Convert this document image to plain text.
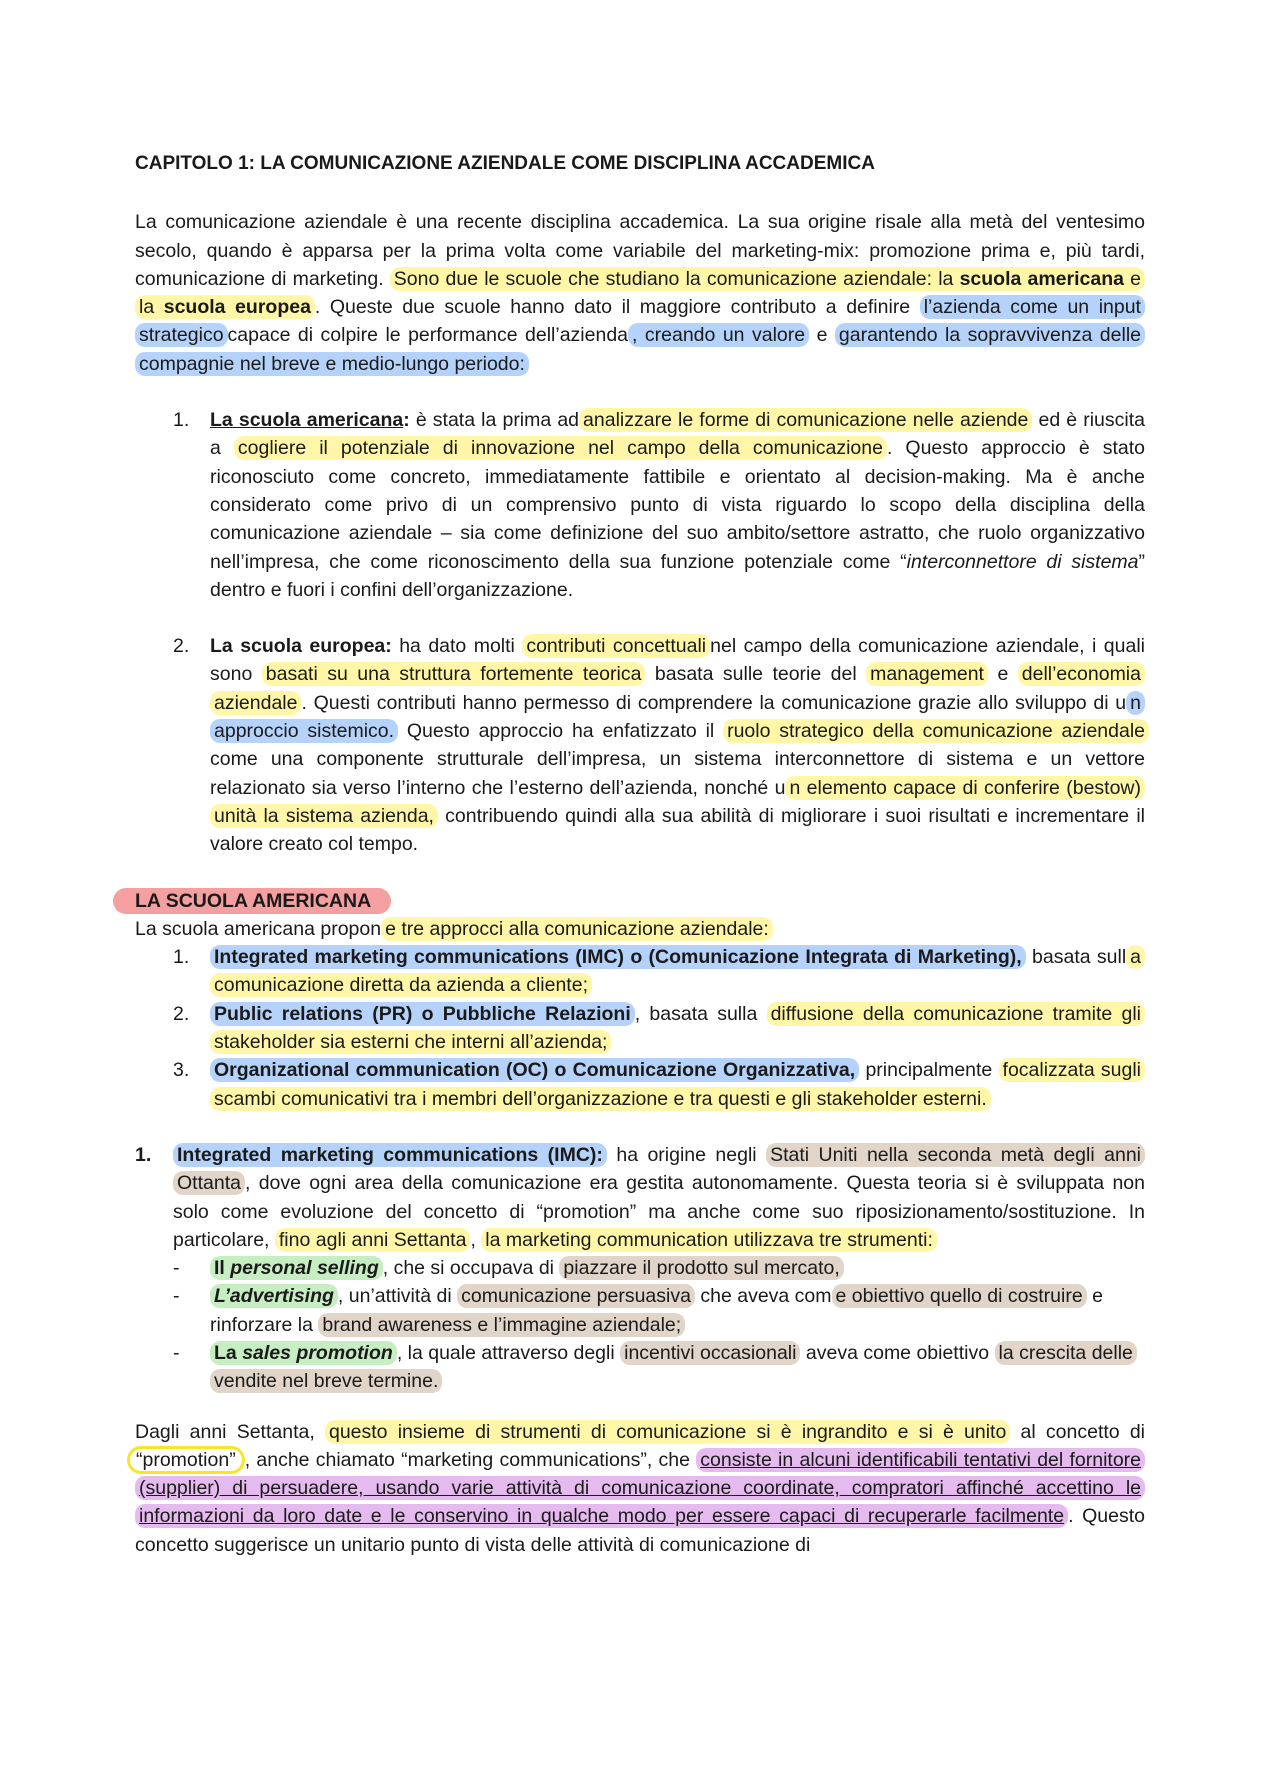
CAPITOLO 1: LA COMUNICAZIONE AZIENDALE COME DISCIPLINA ACCADEMICA

La comunicazione aziendale è una recente disciplina accademica. La sua origine risale alla metà del ventesimo secolo, quando è apparsa per la prima volta come variabile del marketing-mix: promozione prima e, più tardi, comunicazione di marketing. Sono due le scuole che studiano la comunicazione aziendale: la scuola americana e la scuola europea . Queste due scuole hanno dato il maggiore contributo a definire l’azienda come un input strategico capace di colpire le performance dell’azienda , creando un valore e garantendo la sopravvivenza delle compagnie nel breve e medio-lungo periodo:

1. La scuola americana: è stata la prima ad analizzare le forme di comunicazione nelle aziende ed è riuscita a cogliere il potenziale di innovazione nel campo della comunicazione . Questo approccio è stato riconosciuto come concreto, immediatamente fattibile e orientato al decision-making. Ma è anche considerato come privo di un comprensivo punto di vista riguardo lo scopo della disciplina della comunicazione aziendale – sia come definizione del suo ambito/settore astratto, che ruolo organizzativo nell’impresa, che come riconoscimento della sua funzione potenziale come “interconnettore di sistema” dentro e fuori i confini dell’organizzazione.
2. La scuola europea: ha dato molti contributi concettuali nel campo della comunicazione aziendale, i quali sono basati su una struttura fortemente teorica basata sulle teorie del management e dell’economia aziendale . Questi contributi hanno permesso di comprendere la comunicazione grazie allo sviluppo di u n approccio sistemico. Questo approccio ha enfatizzato il ruolo strategico della comunicazione aziendale come una componente strutturale dell’impresa, un sistema interconnettore di sistema e un vettore relazionato sia verso l’interno che l’esterno dell’azienda, nonché u n elemento capace di conferire (bestow) unità la sistema azienda, contribuendo quindi alla sua abilità di migliorare i suoi risultati e incrementare il valore creato col tempo.

LA SCUOLA AMERICANA

La scuola americana propon e tre approcci alla comunicazione aziendale:

1. Integrated marketing communications (IMC) o (Comunicazione Integrata di Marketing), basata sull a comunicazione diretta da azienda a cliente;
2. Public relations (PR) o Pubbliche Relazioni , basata sulla diffusione della comunicazione tramite gli stakeholder sia esterni che interni all’azienda;
3. Organizational communication (OC) o Comunicazione Organizzativa, principalmente focalizzata sugli scambi comunicativi tra i membri dell’organizzazione e tra questi e gli stakeholder esterni.
1. Integrated marketing communications (IMC): ha origine negli Stati Uniti nella seconda metà degli anni Ottanta , dove ogni area della comunicazione era gestita autonomamente. Questa teoria si è sviluppata non solo come evoluzione del concetto di “promotion” ma anche come suo riposizionamento/sostituzione. In particolare, fino agli anni Settanta , la marketing communication utilizzava tre strumenti:
- Il personal selling , che si occupava di piazzare il prodotto sul mercato,
- L’advertising , un’attività di comunicazione persuasiva che aveva com e obiettivo quello di costruire e rinforzare la brand awareness e l’immagine aziendale;
- La sales promotion , la quale attraverso degli incentivi occasionali aveva come obiettivo la crescita delle vendite nel breve termine.

Dagli anni Settanta, questo insieme di strumenti di comunicazione si è ingrandito e si è unito al concetto di “promotion” , anche chiamato “marketing communications”, che consiste in alcuni identificabili tentativi del fornitore (supplier) di persuadere, usando varie attività di comunicazione coordinate, compratori affinché accettino le informazioni da loro date e le conservino in qualche modo per essere capaci di recuperarle facilmente . Questo concetto suggerisce un unitario punto di vista delle attività di comunicazione di
